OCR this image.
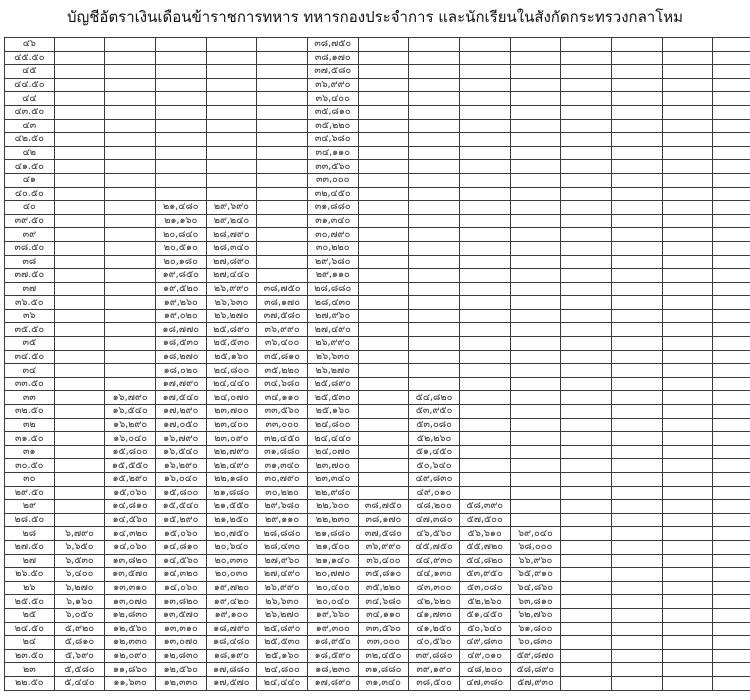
บัญชีอัตราเงินเดือนข้าราชการทหาร ทหารกองประจำการ และนักเรียนในสังกัดกระทรวงกลาโหม
๔๖						๓๘,๗๕๐								
๔๕.๕๐						๓๘,๑๗๐								
๔๕						๓๗,๕๘๐								
๔๔.๕๐						๓๖,๙๙๐								
๔๔						๓๖,๔๐๐								
๔๓.๕๐						๓๕,๘๑๐								
๔๓						๓๕,๒๒๐								
๔๒.๕๐						๓๔,๖๘๐								
๔๒						๓๔,๑๑๐								
๔๑.๕๐						๓๓,๕๖๐								
๔๑						๓๓,๐๐๐								
๔๐.๕๐						๓๒,๔๕๐								
๔๐			๒๑,๔๘๐	๒๙,๖๙๐		๓๑,๘๘๐								
๓๙.๕๐			๒๑,๑๖๐	๒๙,๒๔๐		๓๑,๓๔๐								
๓๙			๒๐,๘๔๐	๒๘,๗๙๐		๓๐,๗๙๐								
๓๘.๕๐			๒๐,๕๑๐	๒๘,๓๔๐		๓๐,๒๒๐								
๓๘			๒๐,๑๘๐	๒๗,๘๙๐		๒๙,๖๘๐								
๓๗.๕๐			๑๙,๘๕๐	๒๗,๔๔๐		๒๙,๑๑๐								
๓๗			๑๙,๕๒๐	๒๖,๙๙๐	๓๘,๗๕๐	๒๘,๘๘๐								
๓๖.๕๐			๑๙,๒๖๐	๒๖,๖๓๐	๓๘,๑๗๐	๒๘,๔๓๐								
๓๖			๑๙,๐๒๐	๒๖,๒๗๐	๓๗,๕๘๐	๒๗,๙๖๐								
๓๕.๕๐			๑๘,๗๗๐	๒๕,๘๙๐	๓๖,๙๙๐	๒๗,๔๙๐								
๓๕			๑๘,๕๓๐	๒๕,๕๓๐	๓๖,๔๐๐	๒๖,๙๙๐								
๓๔.๕๐			๑๘,๒๗๐	๒๕,๑๖๐	๓๕,๘๑๐	๒๖,๖๓๐								
๓๔			๑๘,๐๒๐	๒๔,๘๐๐	๓๕,๒๒๐	๒๖,๒๗๐								
๓๓.๕๐			๑๗,๗๙๐	๒๔,๔๔๐	๓๔,๖๘๐	๒๕,๘๙๐								
๓๓		๑๖,๗๙๐	๑๗,๕๔๐	๒๔,๐๗๐	๓๔,๑๑๐	๒๕,๕๓๐		๕๔,๘๒๐						
๓๒.๕๐		๑๖,๕๔๐	๑๗,๒๙๐	๒๓,๗๐๐	๓๓,๕๖๐	๒๕,๑๖๐		๕๓,๙๕๐						
๓๒		๑๖,๒๙๐	๑๗,๐๕๐	๒๓,๔๐๐	๓๓,๐๐๐	๒๔,๘๐๐		๕๓,๐๘๐						
๓๑.๕๐		๑๖,๐๔๐	๑๖,๗๙๐	๒๓,๐๙๐	๓๒,๔๕๐	๒๔,๔๔๐		๕๒,๒๖๐						
๓๑		๑๕,๘๐๐	๑๖,๕๔๐	๒๒,๗๙๐	๓๑,๘๘๐	๒๔,๐๗๐		๕๑,๔๕๐						
๓๐.๕๐		๑๕,๕๕๐	๑๖,๒๙๐	๒๒,๔๙๐	๓๑,๓๔๐	๒๓,๗๐๐		๕๐,๖๔๐						
๓๐		๑๕,๒๙๐	๑๖,๐๔๐	๒๒,๑๘๐	๓๐,๗๙๐	๒๓,๓๔๐		๔๙,๘๓๐						
๒๙.๕๐		๑๕,๐๖๐	๑๕,๘๐๐	๒๑,๘๘๐	๓๐,๒๒๐	๒๒,๙๘๐		๔๙,๐๑๐						
๒๙		๑๔,๘๑๐	๑๕,๕๔๐	๒๑,๕๕๐	๒๙,๖๘๐	๒๒,๖๐๐	๓๘,๗๕๐	๔๘,๒๐๐	๕๘,๓๙๐					
๒๘.๕๐		๑๔,๕๖๐	๑๕,๒๙๐	๒๑,๒๕๐	๒๙,๑๑๐	๒๒,๒๓๐	๓๘,๑๗๐	๔๗,๓๘๐	๕๗,๕๐๐					
๒๘	๖,๗๙๐	๑๔,๓๒๐	๑๕,๐๖๐	๒๐,๗๕๐	๒๘,๘๘๐	๒๑,๘๘๐	๓๗,๕๘๐	๔๖,๕๖๐	๕๖,๖๑๐	๖๙,๐๔๐				
๒๗.๕๐	๖,๖๕๐	๑๔,๐๖๐	๑๔,๘๑๐	๒๐,๖๔๐	๒๘,๔๓๐	๒๑,๕๐๐	๓๖,๙๙๐	๔๕,๗๕๐	๕๕,๗๒๐	๖๘,๐๐๐				
๒๗	๖,๕๓๐	๑๓,๘๒๐	๑๔,๕๖๐	๒๐,๓๓๐	๒๗,๙๖๐	๒๑,๑๔๐	๓๖,๔๐๐	๔๔,๙๓๐	๕๔,๘๒๐	๖๖,๙๖๐				
๒๖.๕๐	๖,๔๐๐	๑๓,๕๗๐	๑๔,๓๒๐	๒๐,๐๓๐	๒๗,๔๙๐	๒๐,๗๗๐	๓๕,๘๑๐	๔๔,๑๓๐	๕๓,๙๕๐	๖๕,๙๑๐				
๒๖	๖,๒๗๐	๑๓,๓๑๐	๑๔,๐๖๐	๑๙,๗๒๐	๒๖,๙๙๐	๒๐,๔๐๐	๓๕,๒๒๐	๔๓,๓๐๐	๕๓,๐๘๐	๖๔,๘๖๐				
๒๕.๕๐	๖,๑๖๐	๑๓,๐๗๐	๑๓,๘๒๐	๑๙,๔๒๐	๒๖,๖๓๐	๒๐,๐๔๐	๓๔,๖๘๐	๔๒,๖๒๐	๕๒,๒๖๐	๖๓,๘๑๐				
๒๕	๖,๐๕๐	๑๒,๘๓๐	๑๓,๕๗๐	๑๙,๑๐๐	๒๖,๒๗๐	๑๙,๖๖๐	๓๔,๑๑๐	๔๑,๗๓๐	๕๑,๔๕๐	๖๒,๗๖๐				
๒๔.๕๐	๕,๙๒๐	๑๒,๕๖๐	๑๓,๓๑๐	๑๘,๗๙๐	๒๕,๘๙๐	๑๙,๓๐๐	๓๓,๕๖๐	๔๑,๒๕๐	๕๐,๖๔๐	๖๑,๘๐๐				
๒๔	๕,๘๑๐	๑๒,๓๓๐	๑๓,๐๗๐	๑๘,๔๘๐	๒๕,๕๓๐	๑๘,๙๕๐	๓๓,๐๐๐	๔๐,๕๖๐	๔๙,๘๓๐	๖๐,๘๓๐				
๒๓.๕๐	๕,๖๙๐	๑๒,๐๙๐	๑๒,๘๓๐	๑๘,๑๙๐	๒๕,๑๖๐	๑๘,๕๙๐	๓๒,๔๕๐	๓๙,๘๘๐	๔๙,๐๑๐	๕๙,๘๗๐				
๒๓	๕,๕๘๐	๑๑,๘๖๐	๑๒,๕๖๐	๑๗,๘๘๐	๒๔,๘๐๐	๑๘,๒๓๐	๓๑,๘๘๐	๓๙,๑๙๐	๔๘,๒๐๐	๕๘,๘๙๐				
๒๒.๕๐	๕,๔๔๐	๑๑,๖๓๐	๑๒,๓๓๐	๑๗,๕๗๐	๒๔,๔๔๐	๑๗,๘๙๐	๓๑,๓๔๐	๓๘,๕๐๐	๔๗,๓๘๐	๕๗,๙๓๐				
